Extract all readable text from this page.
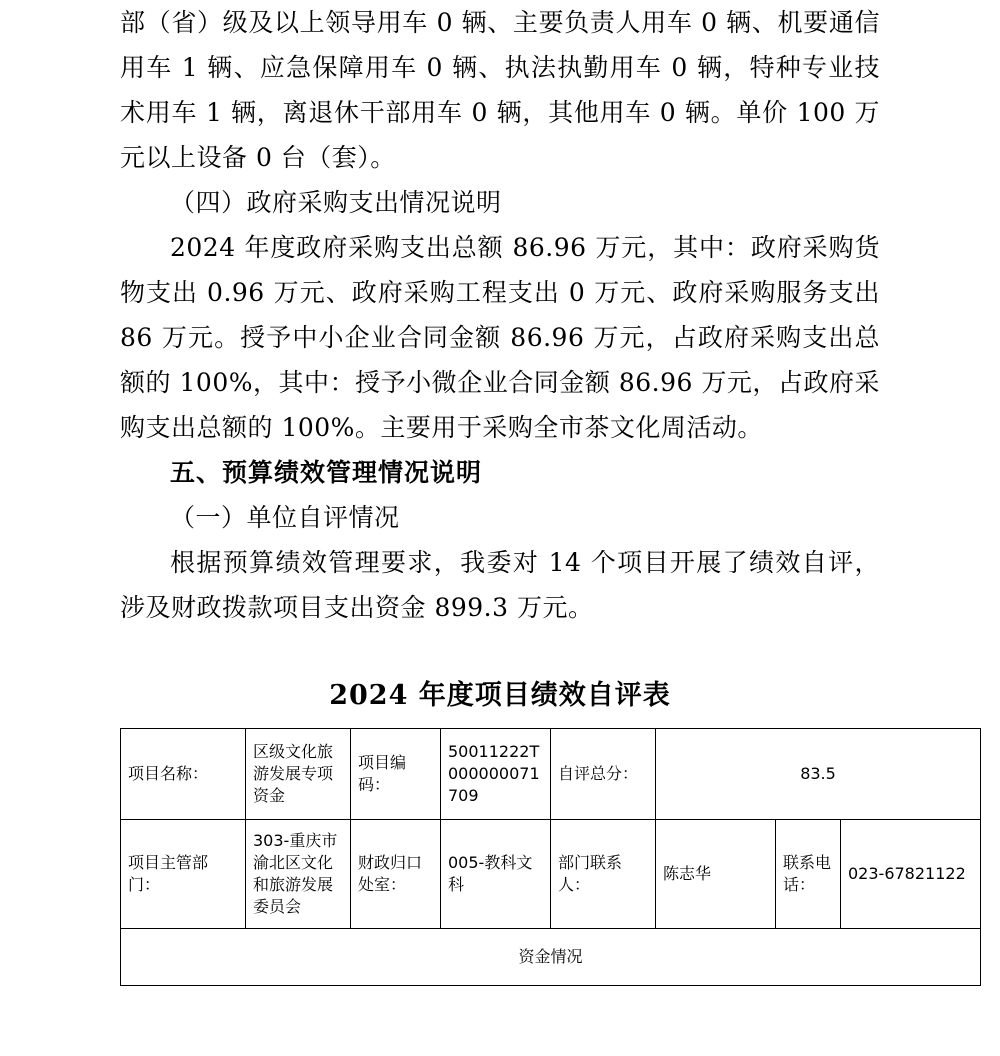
部（省）级及以上领导用车 0 辆、主要负责人用车 0 辆、机要通信用车 1 辆、应急保障用车 0 辆、执法执勤用车 0 辆，特种专业技术用车 1 辆，离退休干部用车 0 辆，其他用车 0 辆。单价 100 万元以上设备 0 台（套）。

（四）政府采购支出情况说明

2024 年度政府采购支出总额 86.96 万元，其中：政府采购货物支出 0.96 万元、政府采购工程支出 0 万元、政府采购服务支出 86 万元。授予中小企业合同金额 86.96 万元，占政府采购支出总额的 100%，其中：授予小微企业合同金额 86.96 万元，占政府采购支出总额的 100%。主要用于采购全市茶文化周活动。

五、预算绩效管理情况说明

（一）单位自评情况

根据预算绩效管理要求，我委对 14 个项目开展了绩效自评，涉及财政拨款项目支出资金 899.3 万元。

2024 年度项目绩效自评表
项目名称：	区级文化旅游发展专项资金	项目编码：	50011222T000000071709	自评总分：	83.5		
项目主管部门：	303-重庆市渝北区文化和旅游发展委员会	财政归口处室：	005-教科文科	部门联系人：	陈志华	联系电话：	023-67821122
资金情况							
